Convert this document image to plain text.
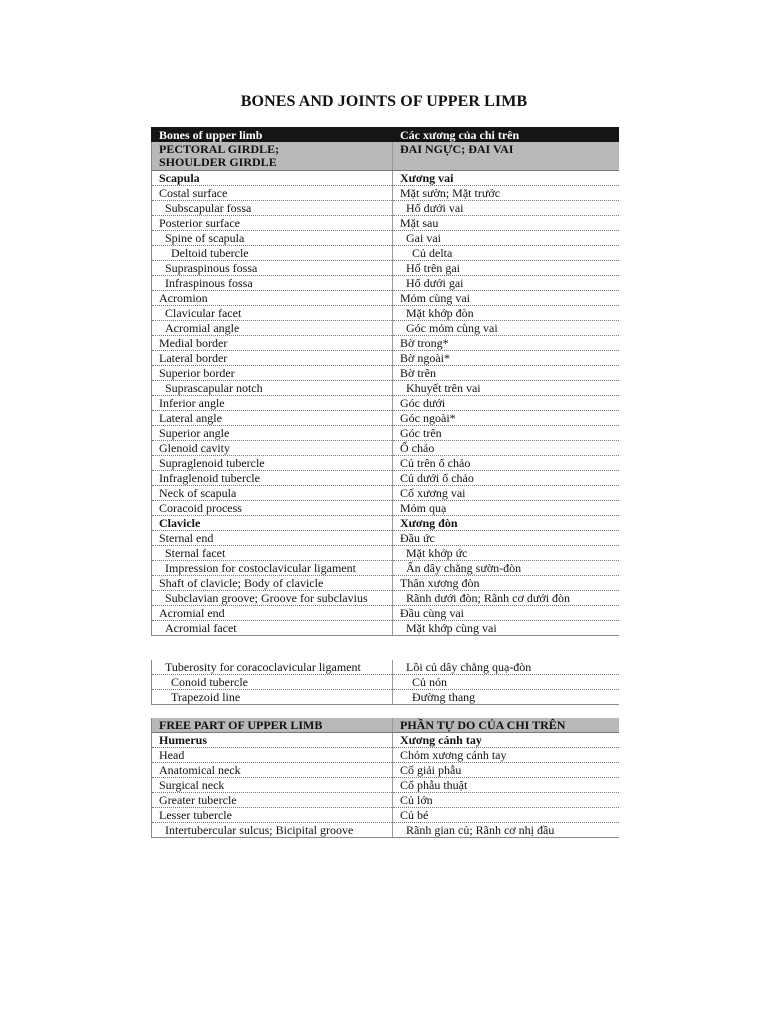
BONES AND JOINTS OF UPPER LIMB
Bones of upper limb	Các xương của chi trên
PECTORAL GIRDLE;
SHOULDER GIRDLE	ĐAI NGỰC; ĐAI VAI
Scapula	Xương vai
Costal surface	Mặt sườn; Mặt trước
Subscapular fossa	Hố dưới vai
Posterior surface	Mặt sau
Spine of scapula	Gai vai
Deltoid tubercle	Củ delta
Supraspinous fossa	Hố trên gai
Infraspinous fossa	Hố dưới gai
Acromion	Mỏm cùng vai
Clavicular facet	Mặt khớp đòn
Acromial angle	Góc mỏm cùng vai
Medial border	Bờ trong*
Lateral border	Bờ ngoài*
Superior border	Bờ trên
Suprascapular notch	Khuyết trên vai
Inferior angle	Góc dưới
Lateral angle	Góc ngoài*
Superior angle	Góc trên
Glenoid cavity	Ổ chảo
Supraglenoid tubercle	Củ trên ổ chảo
Infraglenoid tubercle	Củ dưới ổ chảo
Neck of scapula	Cổ xương vai
Coracoid process	Mỏm quạ
Clavicle	Xương đòn
Sternal end	Đầu ức
Sternal facet	Mặt khớp ức
Impression for costoclavicular ligament	Ấn dây chằng sườn-đòn
Shaft of clavicle; Body of clavicle	Thân xương đòn
Subclavian groove; Groove for subclavius	Rãnh dưới đòn; Rãnh cơ dưới đòn
Acromial end	Đầu cùng vai
Acromial facet	Mặt khớp cùng vai
Tuberosity for coracoclavicular ligament	Lồi củ dây chằng quạ-đòn
Conoid tubercle	Củ nón
Trapezoid line	Đường thang
FREE PART OF UPPER LIMB	PHẦN TỰ DO CỦA CHI TRÊN
Humerus	Xương cánh tay
Head	Chỏm xương cánh tay
Anatomical neck	Cổ giải phẫu
Surgical neck	Cổ phẫu thuật
Greater tubercle	Củ lớn
Lesser tubercle	Củ bé
Intertubercular sulcus; Bicipital groove	Rãnh gian củ; Rãnh cơ nhị đầu
